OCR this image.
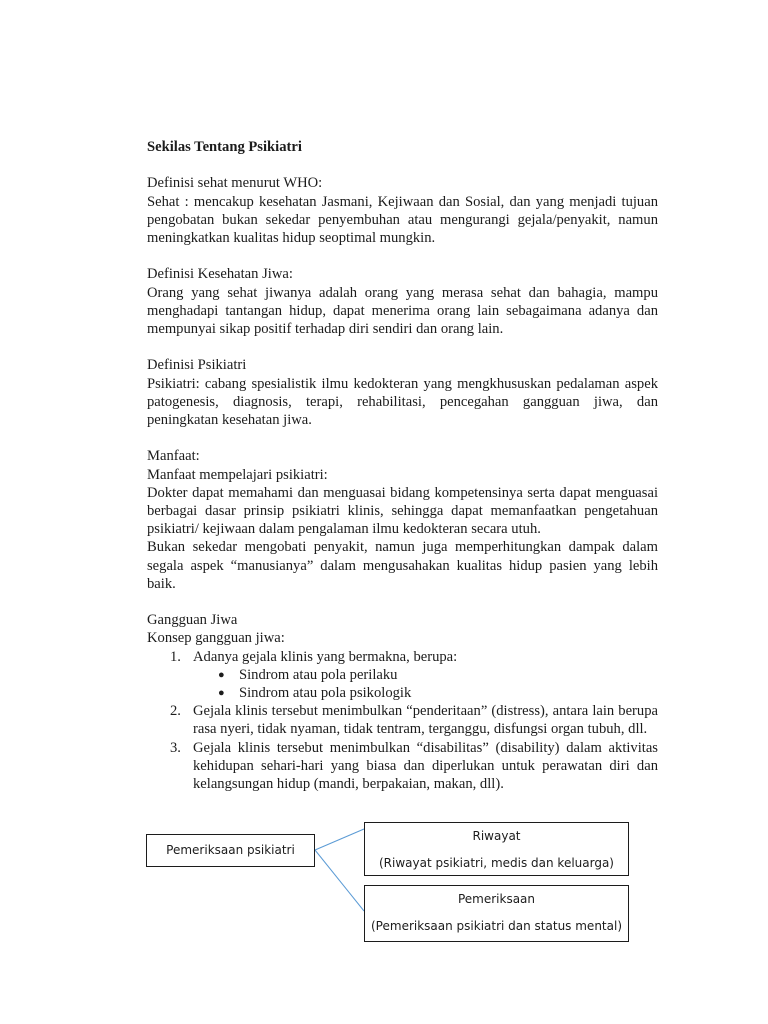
Sekilas Tentang Psikiatri

Definisi sehat menurut WHO:

Sehat : mencakup kesehatan Jasmani, Kejiwaan dan Sosial, dan yang menjadi tujuan pengobatan bukan sekedar penyembuhan atau mengurangi gejala/penyakit, namun meningkatkan kualitas hidup seoptimal mungkin.

Definisi Kesehatan Jiwa:

Orang yang sehat jiwanya adalah orang yang merasa sehat dan bahagia, mampu menghadapi tantangan hidup, dapat menerima orang lain sebagaimana adanya dan mempunyai sikap positif terhadap diri sendiri dan orang lain.

Definisi Psikiatri

Psikiatri: cabang spesialistik ilmu kedokteran yang mengkhususkan pedalaman aspek patogenesis, diagnosis, terapi, rehabilitasi, pencegahan gangguan jiwa, dan peningkatan kesehatan jiwa.

Manfaat:

Manfaat mempelajari psikiatri:

Dokter dapat memahami dan menguasai bidang kompetensinya serta dapat menguasai berbagai dasar prinsip psikiatri klinis, sehingga dapat memanfaatkan pengetahuan psikiatri/ kejiwaan dalam pengalaman ilmu kedokteran secara utuh.

Bukan sekedar mengobati penyakit, namun juga memperhitungkan dampak dalam segala aspek “manusianya” dalam mengusahakan kualitas hidup pasien yang lebih baik.

Gangguan Jiwa

Konsep gangguan jiwa:

1. Adanya gejala klinis yang bermakna, berupa:
● Sindrom atau pola perilaku
● Sindrom atau pola psikologik
2. Gejala klinis tersebut menimbulkan “penderitaan” (distress), antara lain berupa rasa nyeri, tidak nyaman, tidak tentram, terganggu, disfungsi organ tubuh, dll.
3. Gejala klinis tersebut menimbulkan “disabilitas” (disability) dalam aktivitas kehidupan sehari-hari yang biasa dan diperlukan untuk perawatan diri dan kelangsungan hidup (mandi, berpakaian, makan, dll).
Pemeriksaan psikiatri
Riwayat
(Riwayat psikiatri, medis dan keluarga)
Pemeriksaan
(Pemeriksaan psikiatri dan status mental)
